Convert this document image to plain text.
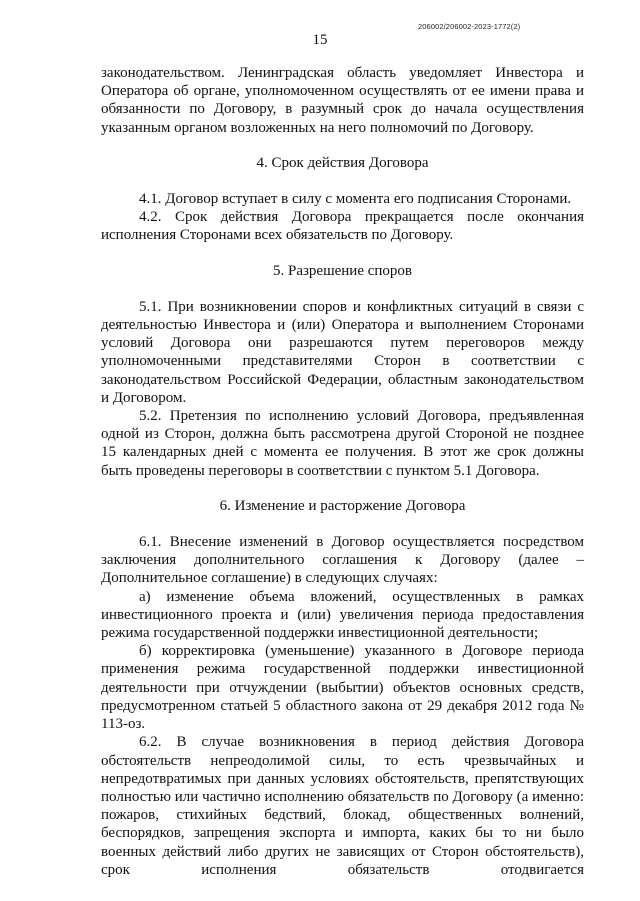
15
206002/206002-2023-1772(2)

законодательством. Ленинградская область уведомляет Инвестора и Оператора об органе, уполномоченном осуществлять от ее имени права и обязанности по Договору, в разумный срок до начала осуществления указанным органом возложенных на него полномочий по Договору.

4. Срок действия Договора

4.1. Договор вступает в силу с момента его подписания Сторонами.

4.2. Срок действия Договора прекращается после окончания исполнения Сторонами всех обязательств по Договору.

5. Разрешение споров

5.1. При возникновении споров и конфликтных ситуаций в связи с деятельностью Инвестора и (или) Оператора и выполнением Сторонами условий Договора они разрешаются путем переговоров между уполномоченными представителями Сторон в соответствии с законодательством Российской Федерации, областным законодательством и Договором.

5.2. Претензия по исполнению условий Договора, предъявленная одной из Сторон, должна быть рассмотрена другой Стороной не позднее 15 календарных дней с момента ее получения. В этот же срок должны быть проведены переговоры в соответствии с пунктом 5.1 Договора.

6. Изменение и расторжение Договора

6.1. Внесение изменений в Договор осуществляется посредством заключения дополнительного соглашения к Договору (далее – Дополнительное соглашение) в следующих случаях:

а) изменение объема вложений, осуществленных в рамках инвестиционного проекта и (или) увеличения периода предоставления режима государственной поддержки инвестиционной деятельности;

б) корректировка (уменьшение) указанного в Договоре периода применения режима государственной поддержки инвестиционной деятельности при отчуждении (выбытии) объектов основных средств, предусмотренном статьей 5 областного закона от 29 декабря 2012 года № 113-оз.

6.2. В случае возникновения в период действия Договора обстоятельств непреодолимой силы, то есть чрезвычайных и непредотвратимых при данных условиях обстоятельств, препятствующих полностью или частично исполнению обязательств по Договору (а именно: пожаров, стихийных бедствий, блокад, общественных волнений, беспорядков, запрещения экспорта и импорта, каких бы то ни было военных действий либо других не зависящих от Сторон обстоятельств), срок исполнения обязательств отодвигается
